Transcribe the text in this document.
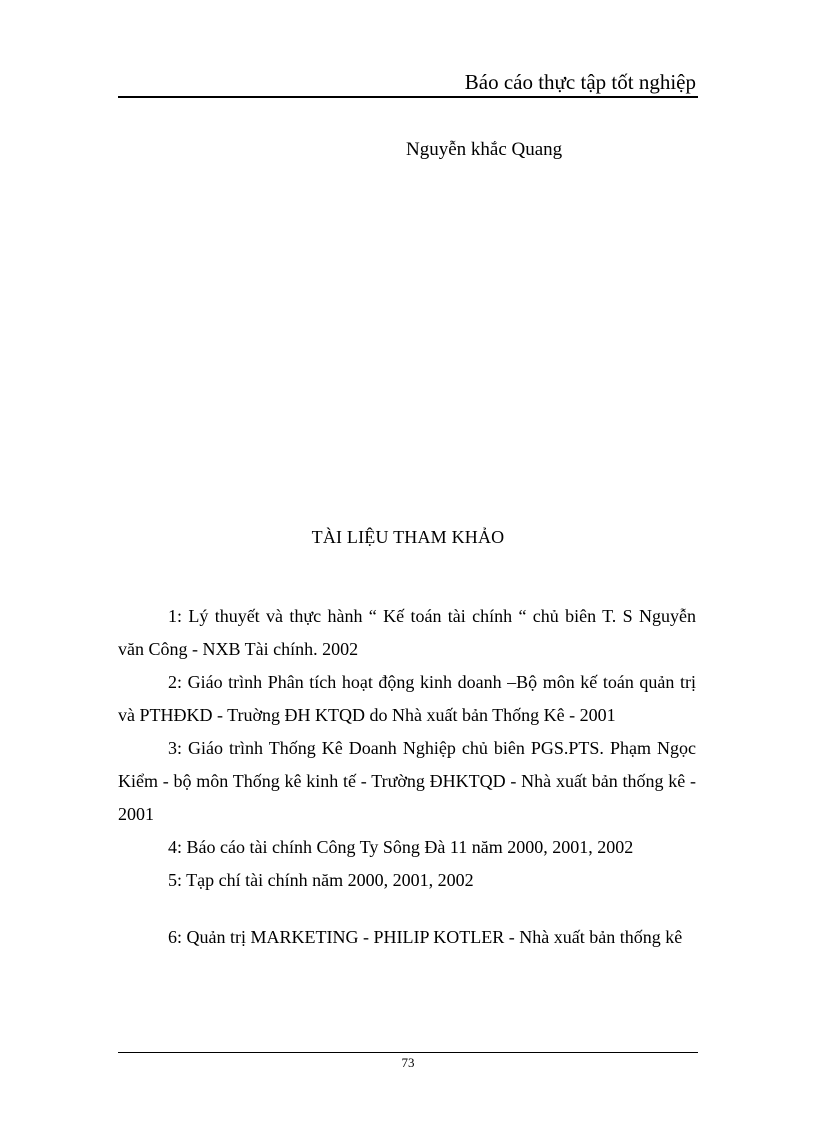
Báo cáo thực tập tốt nghiệp
Nguyễn khắc Quang
TÀI LIỆU THAM KHẢO
1: Lý thuyết và thực hành “ Kế toán tài chính “ chủ biên T. S Nguyễn văn Công - NXB Tài chính. 2002
2: Giáo trình Phân tích hoạt động kinh doanh –Bộ môn kế toán quản trị và PTHĐKD - Truờng ĐH KTQD do Nhà xuất bản Thống Kê - 2001
3: Giáo trình Thống Kê Doanh Nghiệp chủ biên PGS.PTS. Phạm Ngọc Kiểm - bộ môn Thống kê kinh tế - Trường ĐHKTQD - Nhà xuất bản thống kê - 2001
4: Báo cáo tài chính Công Ty Sông Đà 11 năm 2000, 2001, 2002
5: Tạp chí tài chính năm 2000, 2001, 2002
6: Quản trị MARKETING - PHILIP KOTLER - Nhà xuất bản thống kê
73
